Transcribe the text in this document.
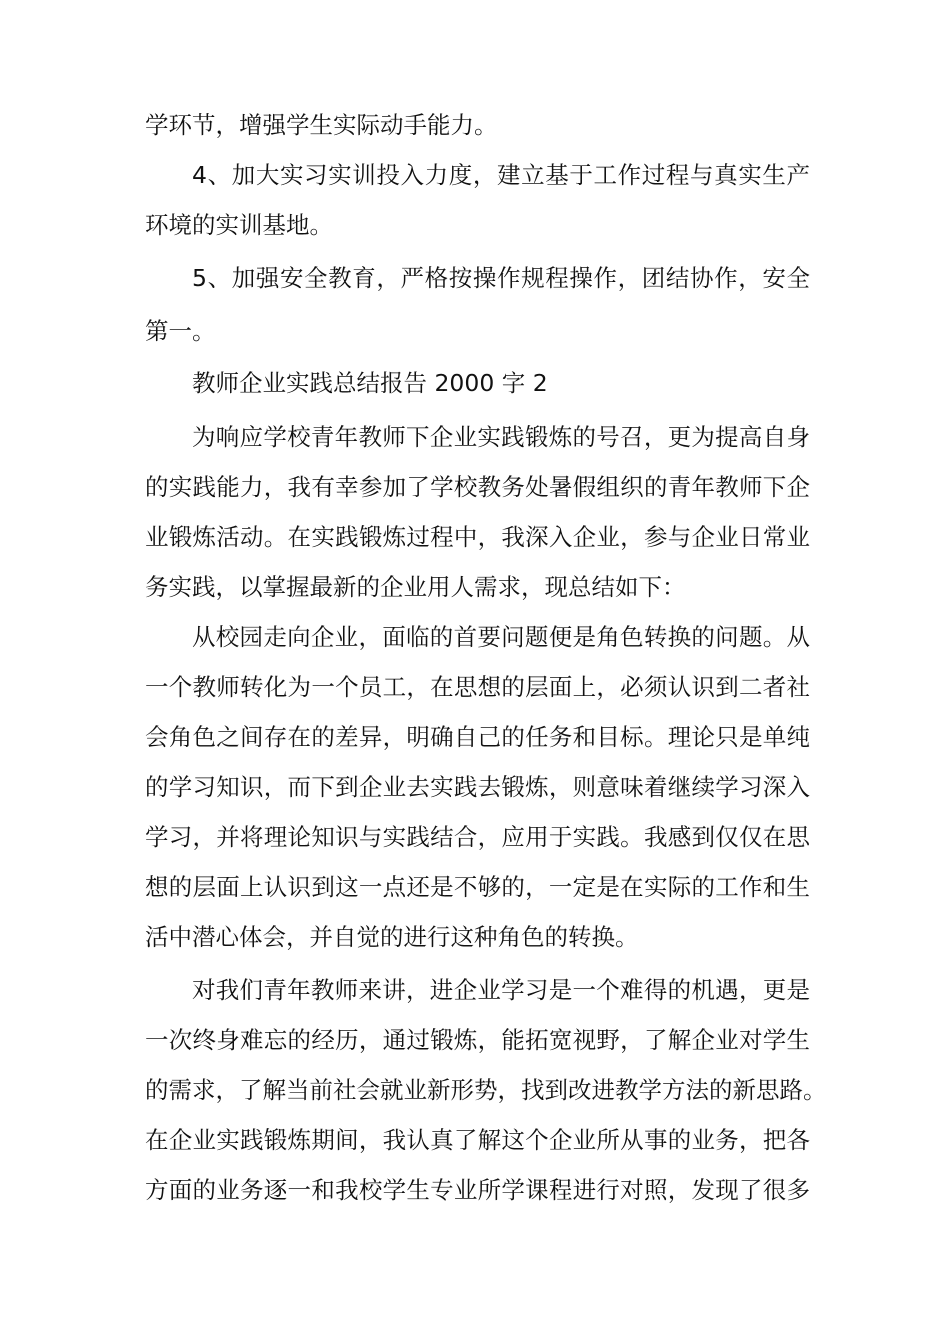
学环节，增强学生实际动手能力。
4、加大实习实训投入力度，建立基于工作过程与真实生产
环境的实训基地。
5、加强安全教育，严格按操作规程操作，团结协作，安全
第一。
教师企业实践总结报告 2000 字 2
为响应学校青年教师下企业实践锻炼的号召，更为提高自身
的实践能力，我有幸参加了学校教务处暑假组织的青年教师下企
业锻炼活动。在实践锻炼过程中，我深入企业，参与企业日常业
务实践，以掌握最新的企业用人需求，现总结如下：
从校园走向企业，面临的首要问题便是角色转换的问题。从
一个教师转化为一个员工，在思想的层面上，必须认识到二者社
会角色之间存在的差异，明确自己的任务和目标。理论只是单纯
的学习知识，而下到企业去实践去锻炼，则意味着继续学习深入
学习，并将理论知识与实践结合，应用于实践。我感到仅仅在思
想的层面上认识到这一点还是不够的，一定是在实际的工作和生
活中潜心体会，并自觉的进行这种角色的转换。
对我们青年教师来讲，进企业学习是一个难得的机遇，更是
一次终身难忘的经历，通过锻炼，能拓宽视野，了解企业对学生
的需求，了解当前社会就业新形势，找到改进教学方法的新思路。
在企业实践锻炼期间，我认真了解这个企业所从事的业务，把各
方面的业务逐一和我校学生专业所学课程进行对照，发现了很多
